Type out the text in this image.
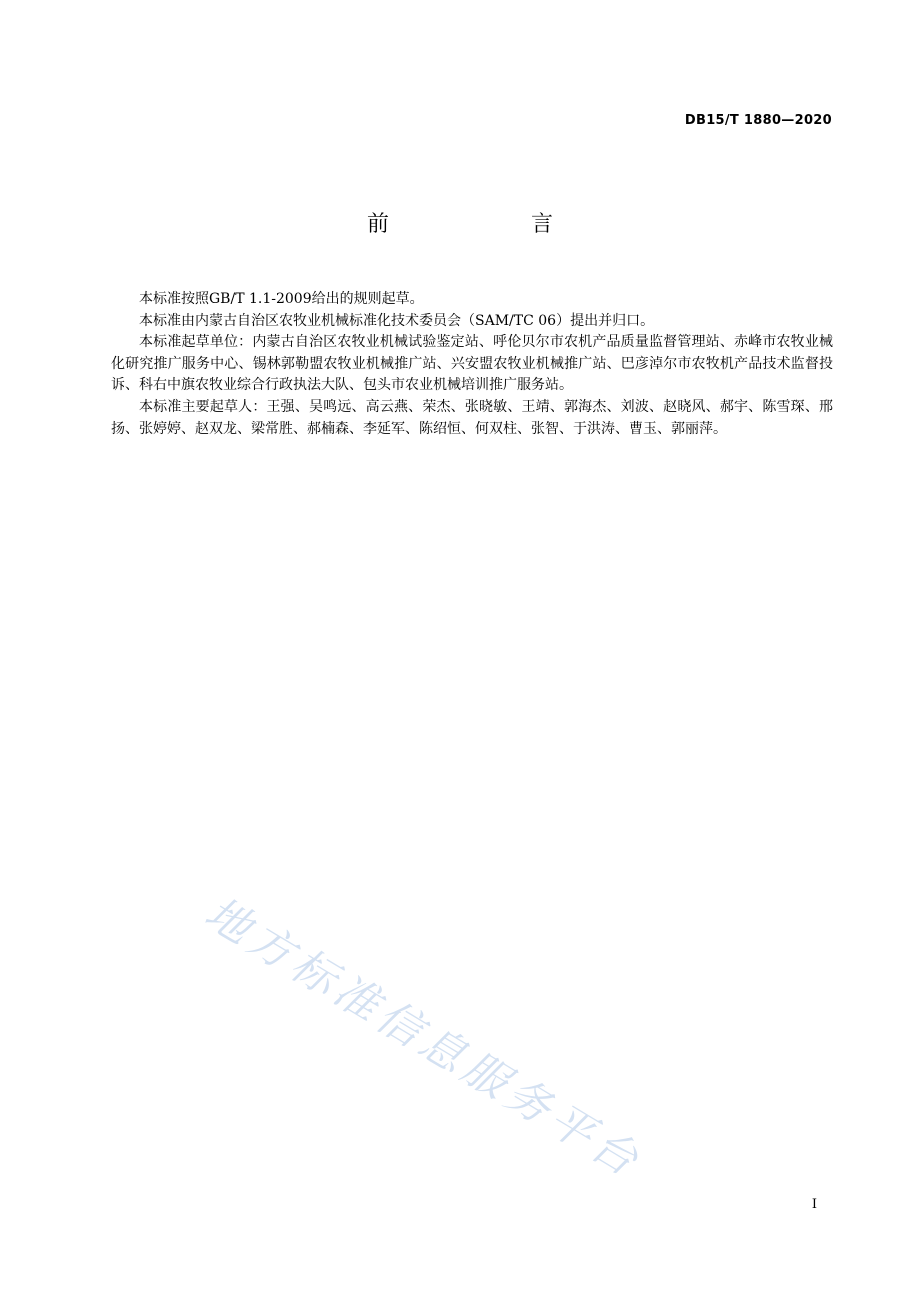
DB15/T 1880—2020
前　言

本标准按照GB/T 1.1-2009给出的规则起草。

本标准由内蒙古自治区农牧业机械标准化技术委员会（SAM/TC 06）提出并归口。

本标准起草单位：内蒙古自治区农牧业机械试验鉴定站、呼伦贝尔市农机产品质量监督管理站、赤峰市农牧业械化研究推广服务中心、锡林郭勒盟农牧业机械推广站、兴安盟农牧业机械推广站、巴彦淖尔市农牧机产品技术监督投诉、科右中旗农牧业综合行政执法大队、包头市农业机械培训推广服务站。

本标准主要起草人：王强、吴鸣远、高云燕、荣杰、张晓敏、王靖、郭海杰、刘波、赵晓风、郝宇、陈雪琛、邢扬、张婷婷、赵双龙、梁常胜、郝楠森、李延军、陈绍恒、何双柱、张智、于洪涛、曹玉、郭丽萍。

地方标准信息服务平台
I
